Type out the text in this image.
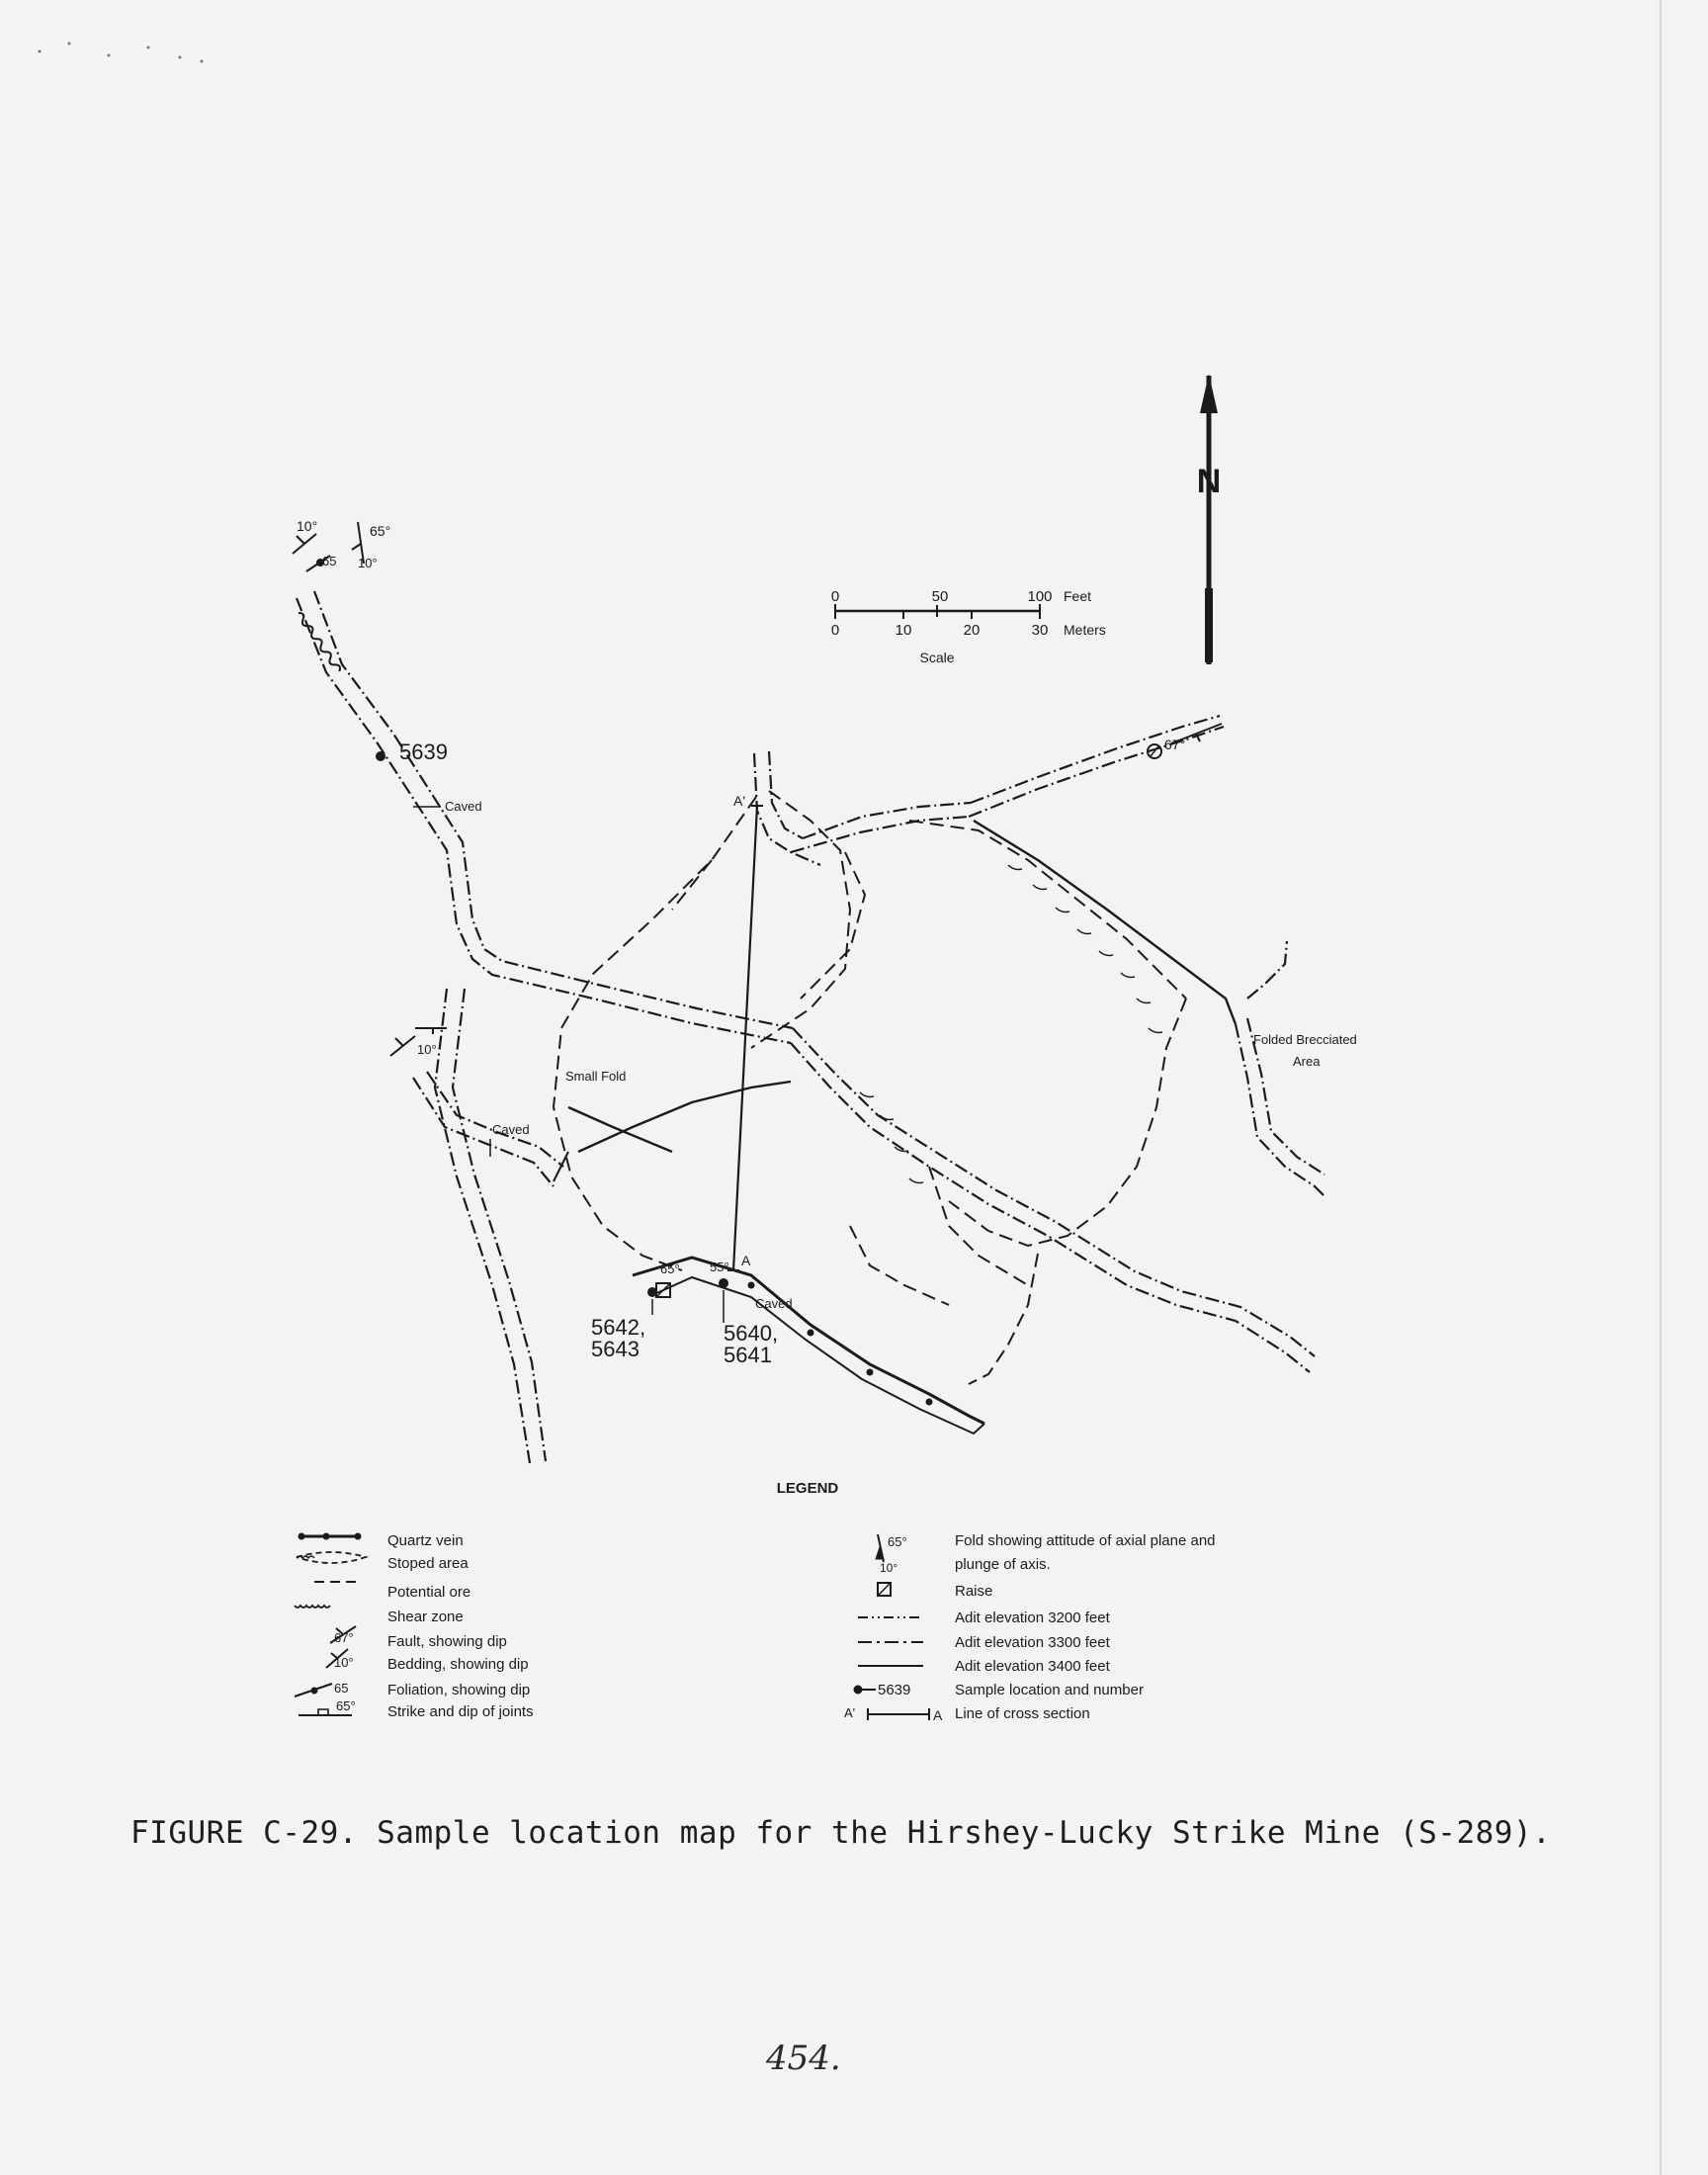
N
0	50	100 Feet
0	10	20	30 Meters
Scale
A'
A
10°	65°
10°
65
10°
67°
65° 55°
Caved
Caved
Caved
Small Fold
Folded Brecciated
Area
5639
5642,
5643
5640,
5641
LEGEND
67°
10°
65
65°
Quartz vein
Stoped area
Potential ore
Shear zone
Fault, showing dip
Bedding, showing dip
Foliation, showing dip
Strike and dip of joints
65°
10°
5639
A'	A
Fold showing attitude of axial plane and
plunge of axis.
Raise
Adit elevation 3200 feet
Adit elevation 3300 feet
Adit elevation 3400 feet
Sample location and number
Line of cross section
FIGURE C-29. Sample location map for the Hirshey-Lucky Strike Mine (S-289).
454.
